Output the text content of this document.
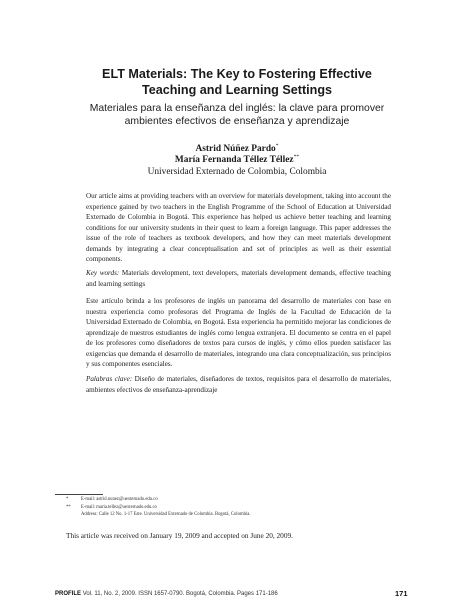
ELT Materials: The Key to Fostering Effective
Teaching and Learning Settings
Materiales para la enseñanza del inglés: la clave para promover
ambientes efectivos de enseñanza y aprendizaje
Astrid Núñez Pardo*
María Fernanda Téllez Téllez**
Universidad Externado de Colombia, Colombia
Our article aims at providing teachers with an overview for materials development, taking into account the experience gained by two teachers in the English Programme of the School of Education at Universidad Externado de Colombia in Bogotá. This experience has helped us achieve better teaching and learning conditions for our university students in their quest to learn a foreign language. This paper addresses the issue of the role of teachers as textbook developers, and how they can meet materials development demands by integrating a clear conceptualisation and set of principles as well as their essential components.
Key words: Materials development, text developers, materials development demands, effective teaching and learning settings
Este artículo brinda a los profesores de inglés un panorama del desarrollo de materiales con base en nuestra experiencia como profesoras del Programa de Inglés de la Facultad de Educación de la Universidad Externado de Colombia, en Bogotá. Esta experiencia ha permitido mejorar las condiciones de aprendizaje de nuestros estudiantes de inglés como lengua extranjera. El documento se centra en el papel de los profesores como diseñadores de textos para cursos de inglés, y cómo ellos pueden satisfacer las exigencias que demanda el desarrollo de materiales, integrando una clara conceptualización, sus principios y sus componentes esenciales.
Palabras clave: Diseño de materiales, diseñadores de textos, requisitos para el desarrollo de materiales, ambientes efectivos de enseñanza-aprendizaje
*	E-mail: astrid.nunez@uexternado.edu.co
** E-mail: maria.tellez@uexternado.edu.co
Address: Calle 12 No. 1-17 Este. Universidad Externado de Colombia. Bogotá, Colombia.
This article was received on January 19, 2009 and accepted on June 20, 2009.
PROFILE Vol. 11, No. 2, 2009. ISSN 1657-0790. Bogotá, Colombia. Pages 171-186	171
